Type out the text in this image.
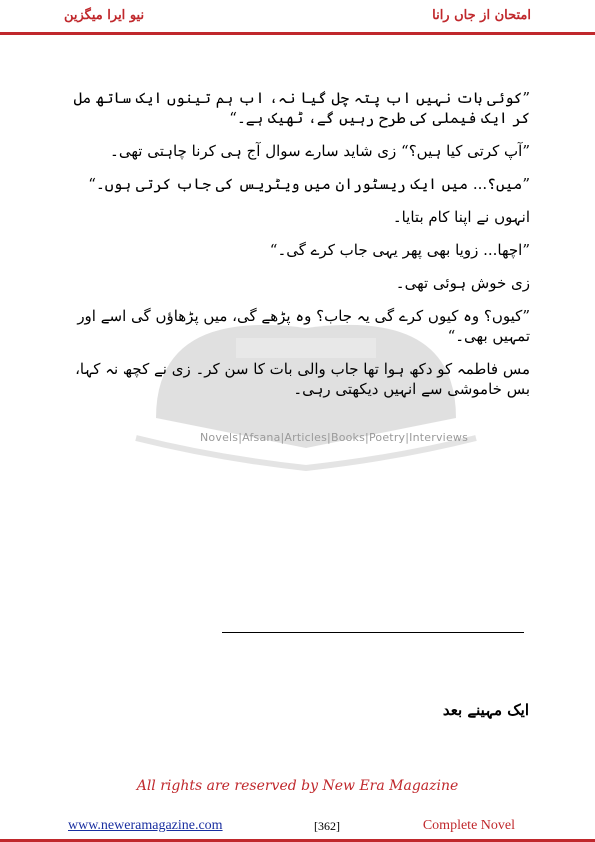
نیو ایرا میگزین	امتحان از جاں رانا
Novels|Afsana|Articles|Books|Poetry|Interviews

”کوئی بات نہیں اب پتہ چل گیا نہ، اب ہم تینوں ایک ساتھ مل کر ایک فیملی کی طرح رہیں گے، ٹھیک ہے۔“

”آپ کرتی کیا ہیں؟“ زی شاید سارے سوال آج ہی کرنا چاہتی تھی۔

”میں؟... میں ایک ریسٹوران میں ویٹریس کی جاب کرتی ہوں۔“

انہوں نے اپنا کام بتایا۔

”اچھا... زویا بھی پھر یہی جاب کرے گی۔“

زی خوش ہوئی تھی۔

”کیوں؟ وہ کیوں کرے گی یہ جاب؟ وہ پڑھے گی، میں پڑھاؤں گی اسے اور تمہیں بھی۔“

مس فاطمہ کو دکھ ہوا تھا جاب والی بات کا سن کر۔ زی نے کچھ نہ کہا، بس خاموشی سے انہیں دیکھتی رہی۔

ایک مہینے بعد
All rights are reserved by New Era Magazine
www.neweramagazine.com	[362]	Complete Novel
